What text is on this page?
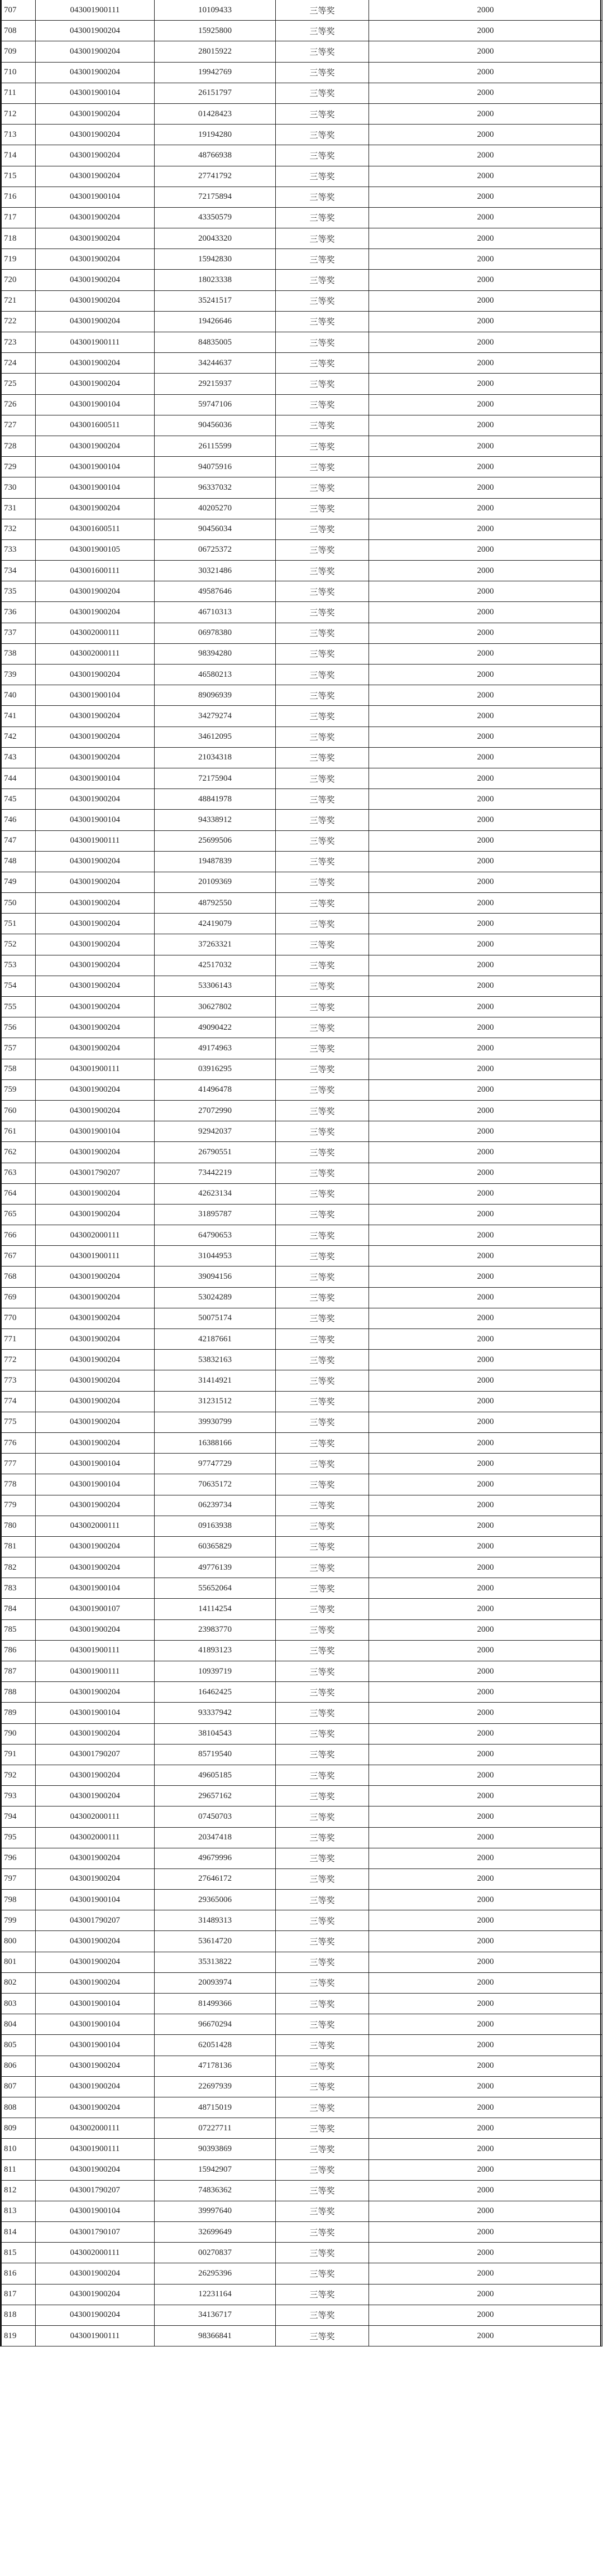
707	043001900111	10109433	三等奖	2000
708	043001900204	15925800	三等奖	2000
709	043001900204	28015922	三等奖	2000
710	043001900204	19942769	三等奖	2000
711	043001900104	26151797	三等奖	2000
712	043001900204	01428423	三等奖	2000
713	043001900204	19194280	三等奖	2000
714	043001900204	48766938	三等奖	2000
715	043001900204	27741792	三等奖	2000
716	043001900104	72175894	三等奖	2000
717	043001900204	43350579	三等奖	2000
718	043001900204	20043320	三等奖	2000
719	043001900204	15942830	三等奖	2000
720	043001900204	18023338	三等奖	2000
721	043001900204	35241517	三等奖	2000
722	043001900204	19426646	三等奖	2000
723	043001900111	84835005	三等奖	2000
724	043001900204	34244637	三等奖	2000
725	043001900204	29215937	三等奖	2000
726	043001900104	59747106	三等奖	2000
727	043001600511	90456036	三等奖	2000
728	043001900204	26115599	三等奖	2000
729	043001900104	94075916	三等奖	2000
730	043001900104	96337032	三等奖	2000
731	043001900204	40205270	三等奖	2000
732	043001600511	90456034	三等奖	2000
733	043001900105	06725372	三等奖	2000
734	043001600111	30321486	三等奖	2000
735	043001900204	49587646	三等奖	2000
736	043001900204	46710313	三等奖	2000
737	043002000111	06978380	三等奖	2000
738	043002000111	98394280	三等奖	2000
739	043001900204	46580213	三等奖	2000
740	043001900104	89096939	三等奖	2000
741	043001900204	34279274	三等奖	2000
742	043001900204	34612095	三等奖	2000
743	043001900204	21034318	三等奖	2000
744	043001900104	72175904	三等奖	2000
745	043001900204	48841978	三等奖	2000
746	043001900104	94338912	三等奖	2000
747	043001900111	25699506	三等奖	2000
748	043001900204	19487839	三等奖	2000
749	043001900204	20109369	三等奖	2000
750	043001900204	48792550	三等奖	2000
751	043001900204	42419079	三等奖	2000
752	043001900204	37263321	三等奖	2000
753	043001900204	42517032	三等奖	2000
754	043001900204	53306143	三等奖	2000
755	043001900204	30627802	三等奖	2000
756	043001900204	49090422	三等奖	2000
757	043001900204	49174963	三等奖	2000
758	043001900111	03916295	三等奖	2000
759	043001900204	41496478	三等奖	2000
760	043001900204	27072990	三等奖	2000
761	043001900104	92942037	三等奖	2000
762	043001900204	26790551	三等奖	2000
763	043001790207	73442219	三等奖	2000
764	043001900204	42623134	三等奖	2000
765	043001900204	31895787	三等奖	2000
766	043002000111	64790653	三等奖	2000
767	043001900111	31044953	三等奖	2000
768	043001900204	39094156	三等奖	2000
769	043001900204	53024289	三等奖	2000
770	043001900204	50075174	三等奖	2000
771	043001900204	42187661	三等奖	2000
772	043001900204	53832163	三等奖	2000
773	043001900204	31414921	三等奖	2000
774	043001900204	31231512	三等奖	2000
775	043001900204	39930799	三等奖	2000
776	043001900204	16388166	三等奖	2000
777	043001900104	97747729	三等奖	2000
778	043001900104	70635172	三等奖	2000
779	043001900204	06239734	三等奖	2000
780	043002000111	09163938	三等奖	2000
781	043001900204	60365829	三等奖	2000
782	043001900204	49776139	三等奖	2000
783	043001900104	55652064	三等奖	2000
784	043001900107	14114254	三等奖	2000
785	043001900204	23983770	三等奖	2000
786	043001900111	41893123	三等奖	2000
787	043001900111	10939719	三等奖	2000
788	043001900204	16462425	三等奖	2000
789	043001900104	93337942	三等奖	2000
790	043001900204	38104543	三等奖	2000
791	043001790207	85719540	三等奖	2000
792	043001900204	49605185	三等奖	2000
793	043001900204	29657162	三等奖	2000
794	043002000111	07450703	三等奖	2000
795	043002000111	20347418	三等奖	2000
796	043001900204	49679996	三等奖	2000
797	043001900204	27646172	三等奖	2000
798	043001900104	29365006	三等奖	2000
799	043001790207	31489313	三等奖	2000
800	043001900204	53614720	三等奖	2000
801	043001900204	35313822	三等奖	2000
802	043001900204	20093974	三等奖	2000
803	043001900104	81499366	三等奖	2000
804	043001900104	96670294	三等奖	2000
805	043001900104	62051428	三等奖	2000
806	043001900204	47178136	三等奖	2000
807	043001900204	22697939	三等奖	2000
808	043001900204	48715019	三等奖	2000
809	043002000111	07227711	三等奖	2000
810	043001900111	90393869	三等奖	2000
811	043001900204	15942907	三等奖	2000
812	043001790207	74836362	三等奖	2000
813	043001900104	39997640	三等奖	2000
814	043001790107	32699649	三等奖	2000
815	043002000111	00270837	三等奖	2000
816	043001900204	26295396	三等奖	2000
817	043001900204	12231164	三等奖	2000
818	043001900204	34136717	三等奖	2000
819	043001900111	98366841	三等奖	2000
